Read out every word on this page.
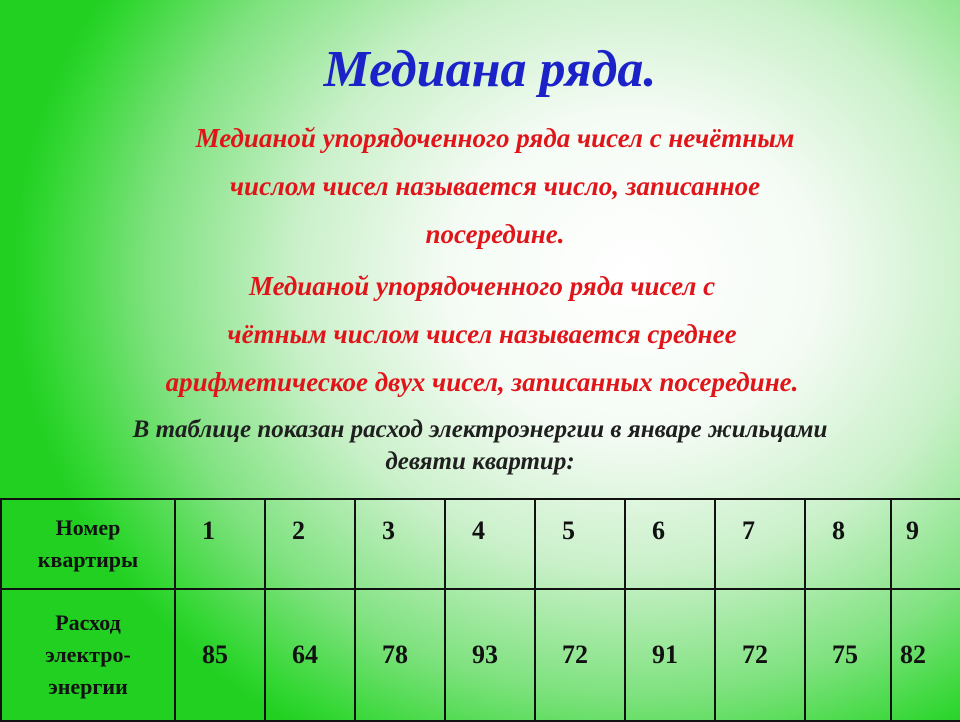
Медиана ряда.
Медианой упорядоченного ряда чисел с нечётным
числом чисел называется число, записанное
посередине.
Медианой упорядоченного ряда чисел с
чётным числом чисел называется среднее
арифметическое двух чисел, записанных посередине.
В таблице показан расход электроэнергии в январе жильцами
девяти квартир:
Номер
квартиры	1	2	3	4	5	6	7	8	9

Расход
электро-
энергии	85	64	78	93	72	91	72	75	82
